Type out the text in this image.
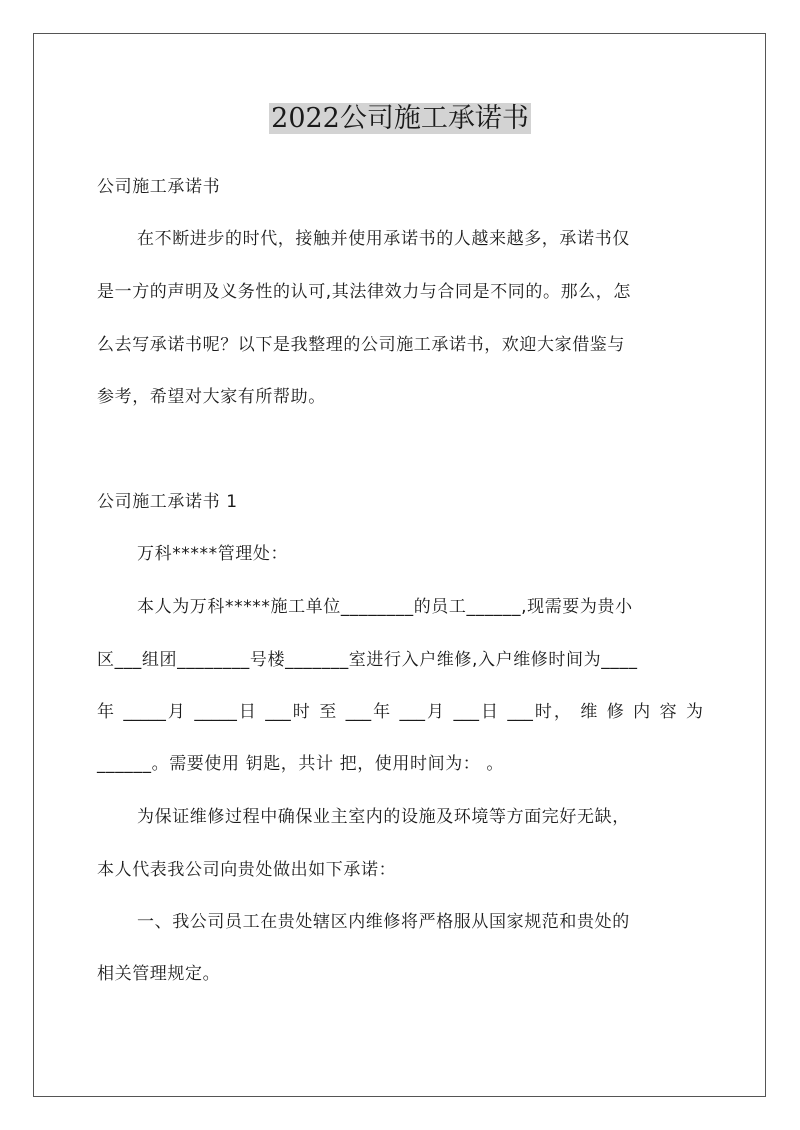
2022公司施工承诺书

公司施工承诺书

在不断进步的时代，接触并使用承诺书的人越来越多，承诺书仅

是一方的声明及义务性的认可,其法律效力与合同是不同的。那么，怎

么去写承诺书呢？以下是我整理的公司施工承诺书，欢迎大家借鉴与

参考，希望对大家有所帮助。

公司施工承诺书 1

万科*****管理处：

本人为万科*****施工单位________的员工______,现需要为贵小

区___组团________号楼_______室进行入户维修,入户维修时间为____

年 _____月 _____日 ___时 至 ___年 ___月 ___日 ___时， 维 修 内 容 为

______。需要使用 钥匙，共计 把，使用时间为： 。

为保证维修过程中确保业主室内的设施及环境等方面完好无缺，

本人代表我公司向贵处做出如下承诺：

一、我公司员工在贵处辖区内维修将严格服从国家规范和贵处的

相关管理规定。
